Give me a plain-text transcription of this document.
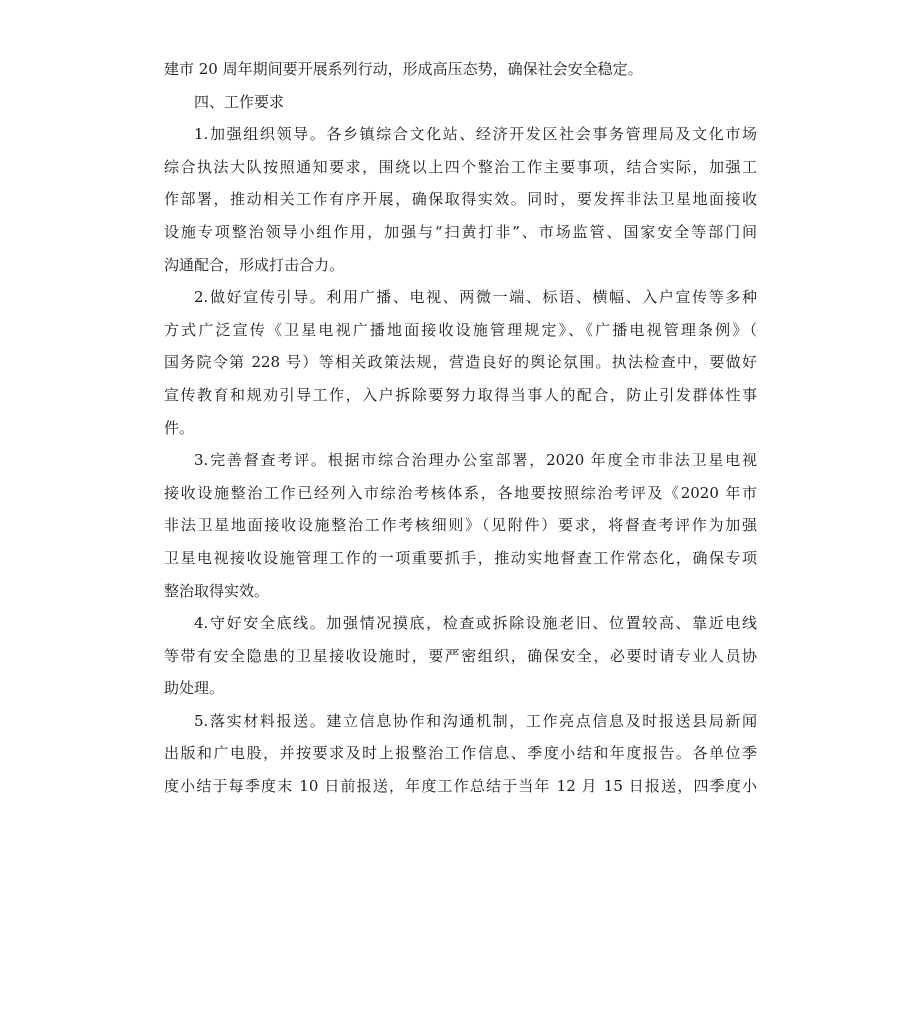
建市 20 周年期间要开展系列行动，形成高压态势，确保社会安全稳定。
四、工作要求
1.加强组织领导。各乡镇综合文化站、经济开发区社会事务管理局及文化市场
综合执法大队按照通知要求，围绕以上四个整治工作主要事项，结合实际，加强工
作部署，推动相关工作有序开展，确保取得实效。同时，要发挥非法卫星地面接收
设施专项整治领导小组作用，加强与“扫黄打非”、市场监管、国家安全等部门间
沟通配合，形成打击合力。
2.做好宣传引导。利用广播、电视、两微一端、标语、横幅、入户宣传等多种
方式广泛宣传《卫星电视广播地面接收设施管理规定》、《广播电视管理条例》（
国务院令第 228 号）等相关政策法规，营造良好的舆论氛围。执法检查中，要做好
宣传教育和规劝引导工作，入户拆除要努力取得当事人的配合，防止引发群体性事
件。
3.完善督查考评。根据市综合治理办公室部署，2020 年度全市非法卫星电视
接收设施整治工作已经列入市综治考核体系，各地要按照综治考评及《2020 年市
非法卫星地面接收设施整治工作考核细则》（见附件）要求，将督查考评作为加强
卫星电视接收设施管理工作的一项重要抓手，推动实地督查工作常态化，确保专项
整治取得实效。
4.守好安全底线。加强情况摸底，检查或拆除设施老旧、位置较高、靠近电线
等带有安全隐患的卫星接收设施时，要严密组织，确保安全，必要时请专业人员协
助处理。
5.落实材料报送。建立信息协作和沟通机制，工作亮点信息及时报送县局新闻
出版和广电股，并按要求及时上报整治工作信息、季度小结和年度报告。各单位季
度小结于每季度末 10 日前报送，年度工作总结于当年 12 月 15 日报送，四季度小
